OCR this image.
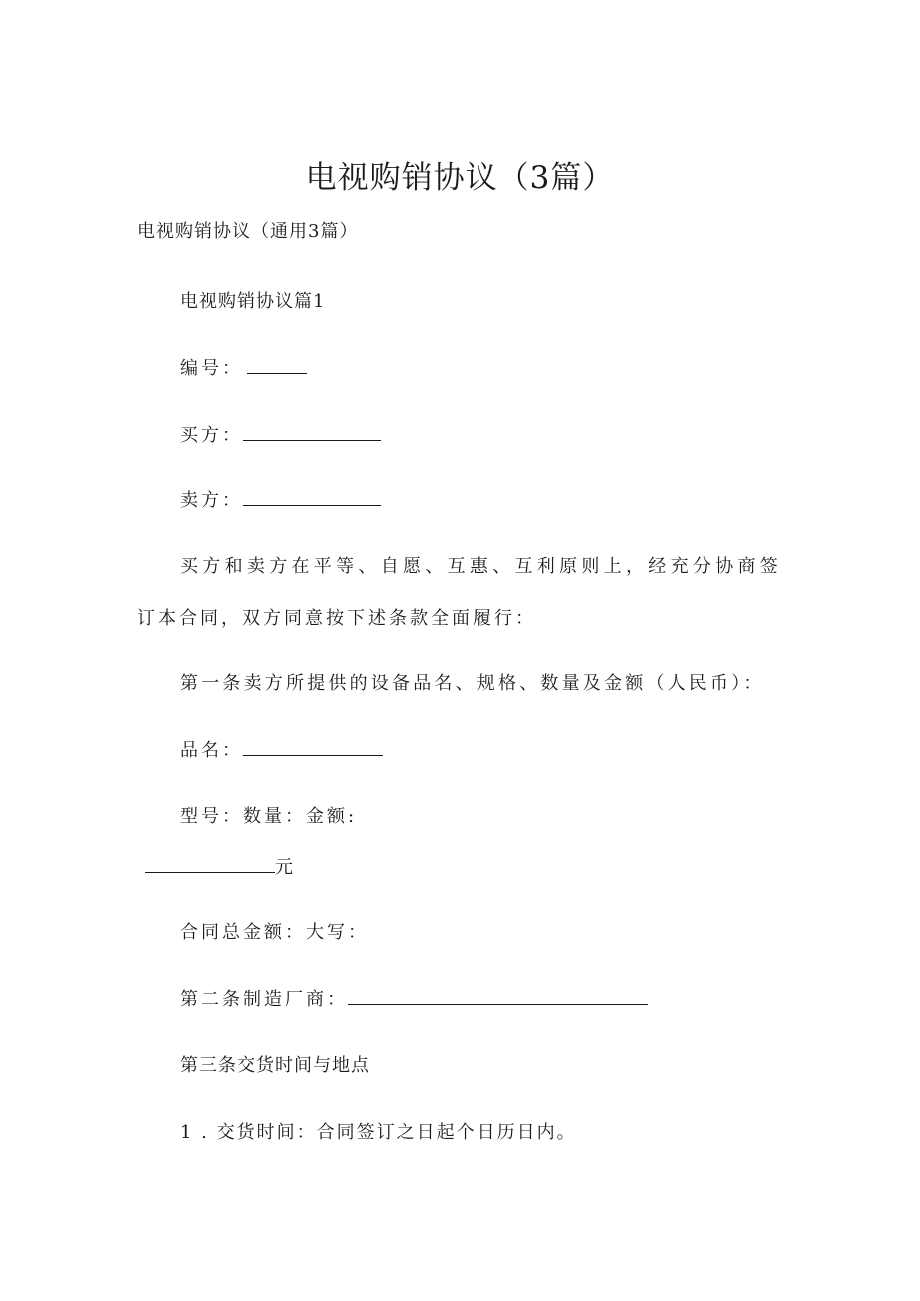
电视购销协议（3篇）

电视购销协议（通用3篇）

电视购销协议篇1

编号：

买方：

卖方：

买方和卖方在平等、自愿、互惠、互利原则上，经充分协商签

订本合同，双方同意按下述条款全面履行：

第一条卖方所提供的设备品名、规格、数量及金额（人民币）：

品名：

型号：数量：金额:

元

合同总金额：大写：

第二条制造厂商：

第三条交货时间与地点

1 . 交货时间：合同签订之日起个日历日内。
